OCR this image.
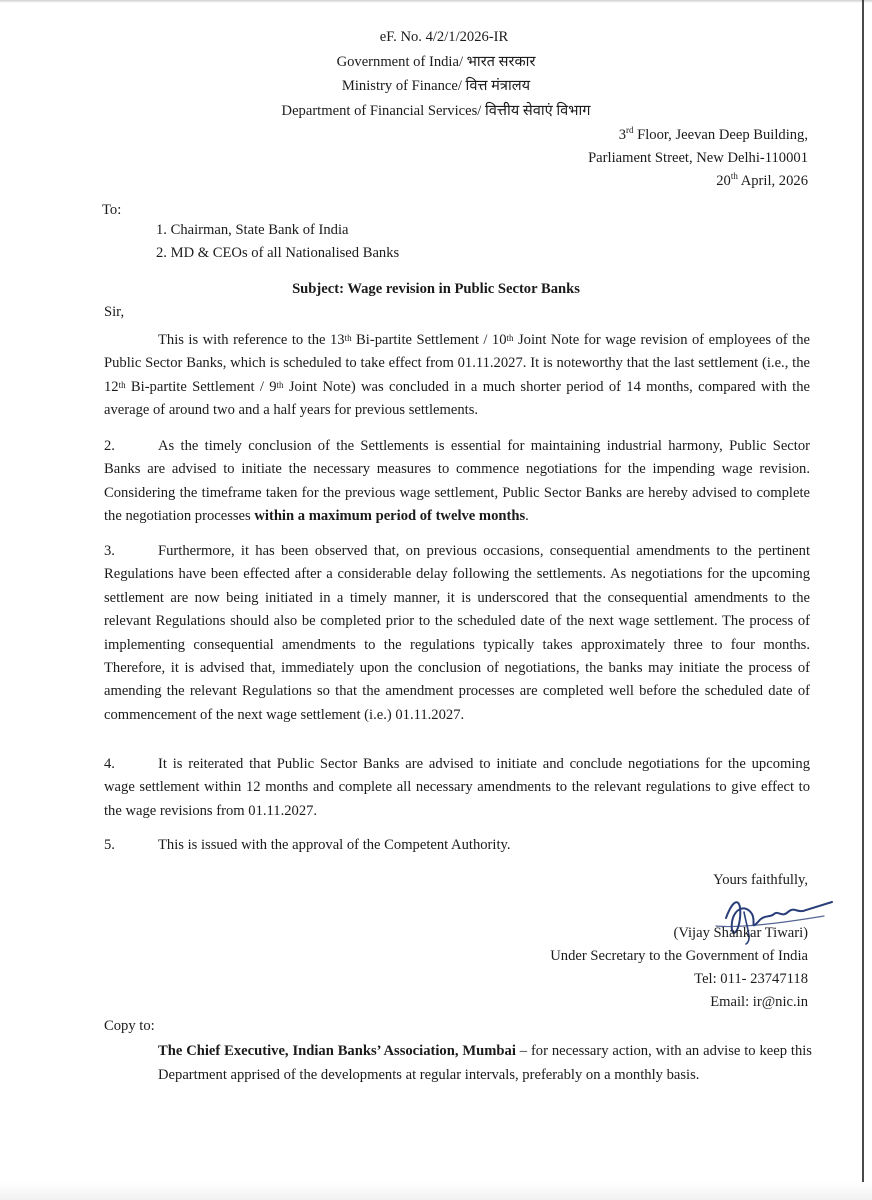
eF. No. 4/2/1/2026-IR
Government of India/ भारत सरकार
Ministry of Finance/ वित्त मंत्रालय
Department of Financial Services/ वित्तीय सेवाएं विभाग
3rd Floor, Jeevan Deep Building,
Parliament Street, New Delhi-110001
20th April, 2026
To:
1. Chairman, State Bank of India
2. MD & CEOs of all Nationalised Banks
Subject: Wage revision in Public Sector Banks
Sir,
This is with reference to the 13th Bi-partite Settlement / 10th Joint Note for wage revision of employees of the Public Sector Banks, which is scheduled to take effect from 01.11.2027. It is noteworthy that the last settlement (i.e., the 12th Bi-partite Settlement / 9th Joint Note) was concluded in a much shorter period of 14 months, compared with the average of around two and a half years for previous settlements.
2.	As the timely conclusion of the Settlements is essential for maintaining industrial harmony, Public Sector Banks are advised to initiate the necessary measures to commence negotiations for the impending wage revision. Considering the timeframe taken for the previous wage settlement, Public Sector Banks are hereby advised to complete the negotiation processes within a maximum period of twelve months.
3.	Furthermore, it has been observed that, on previous occasions, consequential amendments to the pertinent Regulations have been effected after a considerable delay following the settlements. As negotiations for the upcoming settlement are now being initiated in a timely manner, it is underscored that the consequential amendments to the relevant Regulations should also be completed prior to the scheduled date of the next wage settlement. The process of implementing consequential amendments to the regulations typically takes approximately three to four months. Therefore, it is advised that, immediately upon the conclusion of negotiations, the banks may initiate the process of amending the relevant Regulations so that the amendment processes are completed well before the scheduled date of commencement of the next wage settlement (i.e.) 01.11.2027.
4.	It is reiterated that Public Sector Banks are advised to initiate and conclude negotiations for the upcoming wage settlement within 12 months and complete all necessary amendments to the relevant regulations to give effect to the wage revisions from 01.11.2027.
5.	This is issued with the approval of the Competent Authority.
Yours faithfully,
(Vijay Shankar Tiwari)
Under Secretary to the Government of India
Tel: 011- 23747118
Email: ir@nic.in
Copy to:
The Chief Executive, Indian Banks’ Association, Mumbai – for necessary action, with an advise to keep this Department apprised of the developments at regular intervals, preferably on a monthly basis.
